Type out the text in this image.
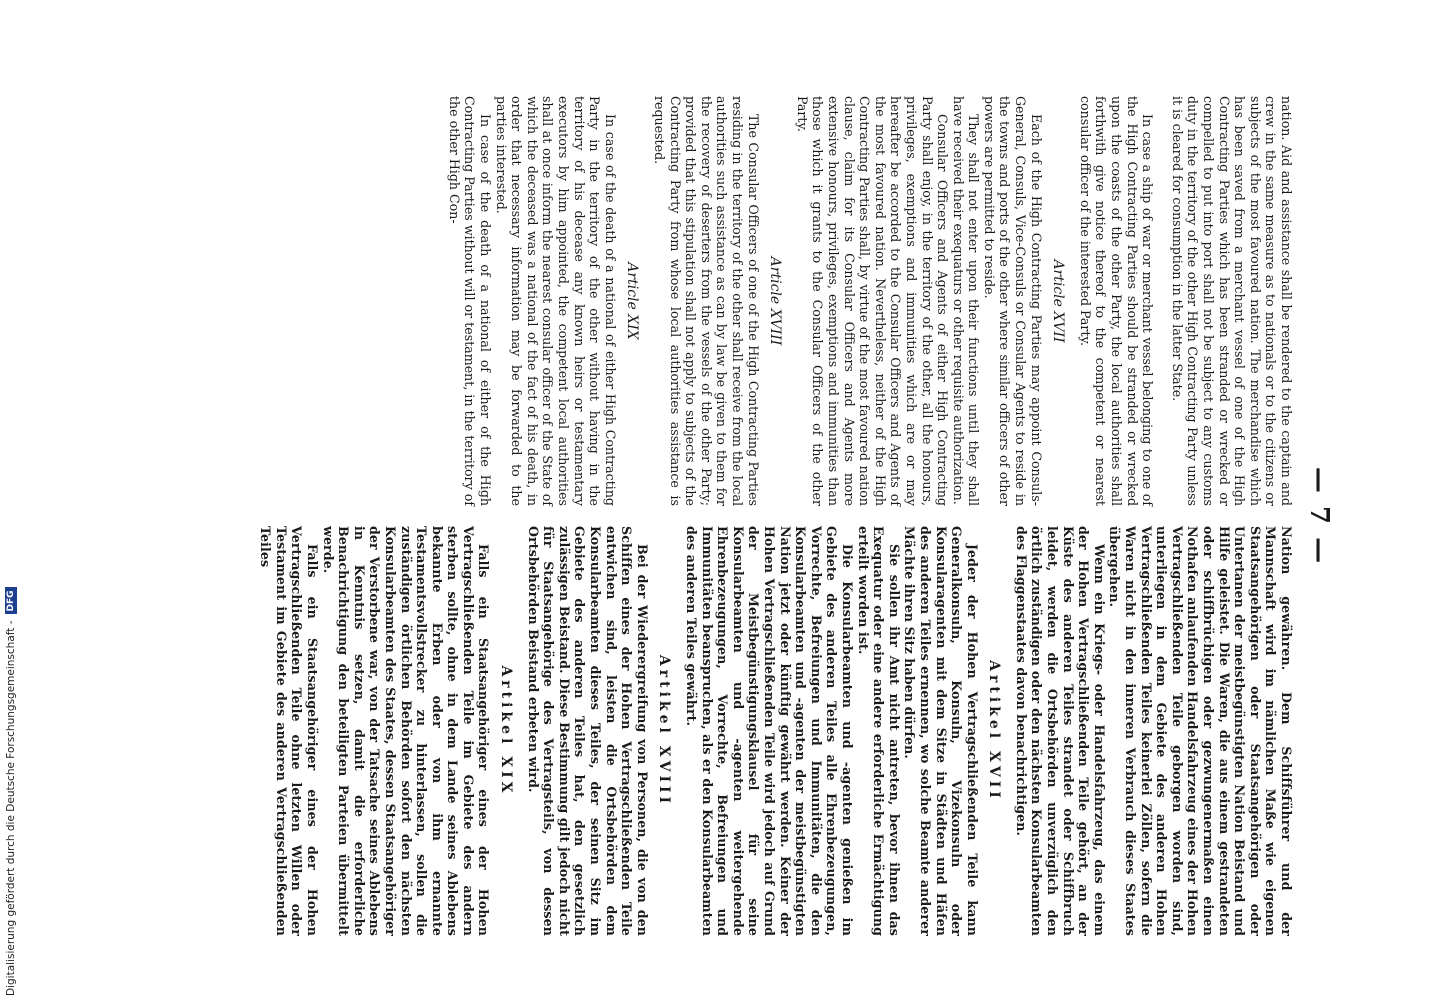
— 7 —

nation. Aid and assistance shall be rendered to the captain and crew in the same measure as to nationals or to the citizens or subjects of the most favoured nation. The merchandise which has been saved from a merchant vessel of one of the High Contracting Parties which has been stranded or wrecked or compelled to put into port shall not be subject to any customs duty in the territory of the other High Contracting Party unless it is cleared for consumption in the latter State.

In case a ship of war or merchant vessel belonging to one of the High Contracting Parties should be stranded or wrecked upon the coasts of the other Party, the local authorities shall forthwith give notice thereof to the competent or nearest consular officer of the interested Party.

Article XVII

Each of the High Contracting Parties may appoint Consuls-General, Consuls, Vice-Consuls or Consular Agents to reside in the towns and ports of the other where similar officers of other powers are permitted to reside.

They shall not enter upon their functions until they shall have received their exequaturs or other requisite authorization.

Consular Officers and Agents of either High Contracting Party shall enjoy, in the territory of the other, all the honours, privileges, exemptions and immunities which are or may hereafter be accorded to the Consular Officers and Agents of the most favoured nation. Nevertheless, neither of the High Contracting Parties shall, by virtue of the most favoured nation clause, claim for its Consular Officers and Agents more extensive honours, privileges, exemptions and immunities than those which it grants to the Consular Officers of the other Party.

Article XVIII

The Consular Officers of one of the High Contracting Parties residing in the territory of the other shall receive from the local authorities such assistance as can by law be given to them for the recovery of deserters from the vessels of the other Party; provided that this stipulation shall not apply to subjects of the Contracting Party from whose local authorities assistance is requested.

Article XIX

In case of the death of a national of either High Contracting Party in the territory of the other without having in the territory of his decease any known heirs or testamentary executors by him appointed, the competent local authorities shall at once inform the nearest consular officer of the State of which the deceased was a national of the fact of his death, in order that necessary information may be forwarded to the parties interested.

In case of the death of a national of either of the High Contracting Parties without will or testament, in the territory of the other High Con-

Nation gewähren. Dem Schiffsführer und der Mannschaft wird im nämlichen Maße wie eigenen Staatsangehörigen oder Staatsangehörigen oder Untertanen der meistbegünstigten Nation Beistand und Hilfe geleistet. Die Waren, die aus einem gestrandeten oder schiffbrüchigen oder gezwungenermaßen einen Nothafen anlaufenden Handelsfahrzeug eines der Hohen Vertragschließenden Teile geborgen worden sind, unterliegen in dem Gebiete des anderen Hohen Vertragschließenden Teiles keinerlei Zöllen, sofern die Waren nicht in den inneren Verbrauch dieses Staates übergehen.

Wenn ein Kriegs- oder Handelsfahrzeug, das einem der Hohen Vertragschließenden Teile gehört, an der Küste des anderen Teiles strandet oder Schiffbruch leidet, werden die Ortsbehörden unverzüglich den örtlich zuständigen oder den nächsten Konsularbeamten des Flaggenstaates davon benachrichtigen.

Artikel XVII

Jeder der Hohen Vertragschließenden Teile kann Generalkonsuln, Konsuln, Vizekonsuln oder Konsularagenten mit dem Sitze in Städten und Häfen des anderen Teiles ernennen, wo solche Beamte anderer Mächte ihren Sitz haben dürfen.

Sie sollen ihr Amt nicht antreten, bevor ihnen das Exequatur oder eine andere erforderliche Ermächtigung erteilt worden ist.

Die Konsularbeamten und -agenten genießen im Gebiete des anderen Teiles alle Ehrenbezeugungen, Vorrechte, Befreiungen und Immunitäten, die den Konsularbeamten und -agenten der meistbegünstigten Nation jetzt oder künftig gewährt werden. Keiner der Hohen Vertragschließenden Teile wird jedoch auf Grund der Meistbegünstigungsklausel für seine Konsularbeamten und -agenten weitergehende Ehrenbezeugungen, Vorrechte, Befreiungen und Immunitäten beanspruchen, als er den Konsularbeamten des anderen Teiles gewährt.

Artikel XVIII

Bei der Wiederergreifung von Personen, die von den Schiffen eines der Hohen Vertragschließenden Teile entwichen sind, leisten die Ortsbehörden dem Konsularbeamten dieses Teiles, der seinen Sitz im Gebiete des anderen Teiles hat, den gesetzlich zulässigen Beistand. Diese Bestimmung gilt jedoch nicht für Staatsangehörige des Vertragsteils, von dessen Ortsbehörden Beistand erbeten wird.

Artikel XIX

Falls ein Staatsangehöriger eines der Hohen Vertragschließenden Teile im Gebiete des andern sterben sollte, ohne in dem Lande seines Ablebens bekannte Erben oder von ihm ernannte Testamentsvollstrecker zu hinterlassen, sollen die zuständigen örtlichen Behörden sofort den nächsten Konsularbeamten des Staates, dessen Staatsangehöriger der Verstorbene war, von der Tatsache seines Ablebens in Kenntnis setzen, damit die erforderliche Benachrichtigung den beteiligten Parteien übermittelt werde.

Falls ein Staatsangehöriger eines der Hohen Vertragschließenden Teile ohne letzten Willen oder Testament im Gebiete des anderen Vertragschließenden Teiles

Digitalisierung gefördert durch die Deutsche Forschungsgemeinschaft -
DFG
